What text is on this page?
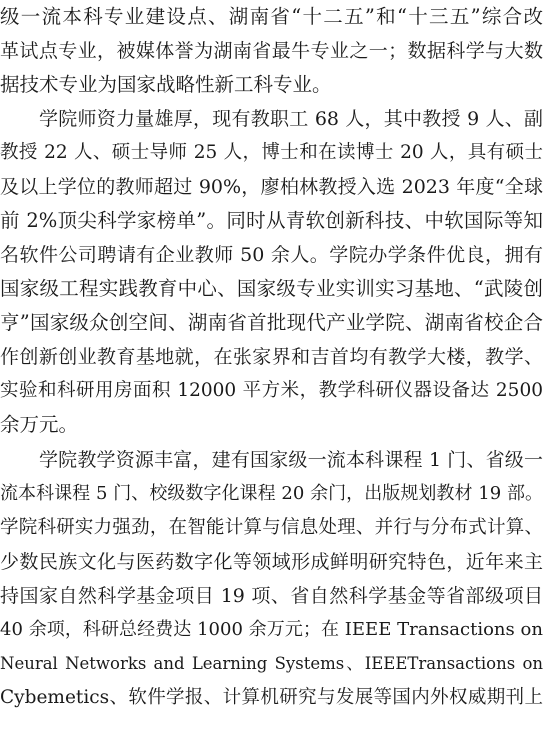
级一流本科专业建设点、湖南省“十二五”和“十三五”综合改
革试点专业，被媒体誉为湖南省最牛专业之一；数据科学与大数
据技术专业为国家战略性新工科专业。
学院师资力量雄厚，现有教职工 68 人，其中教授 9 人、副
教授 22 人、硕士导师 25 人，博士和在读博士 20 人，具有硕士
及以上学位的教师超过 90%，廖柏林教授入选 2023 年度“全球
前 2%顶尖科学家榜单”。同时从青软创新科技、中软国际等知
名软件公司聘请有企业教师 50 余人。学院办学条件优良，拥有
国家级工程实践教育中心、国家级专业实训实习基地、“武陵创
亨”国家级众创空间、湖南省首批现代产业学院、湖南省校企合
作创新创业教育基地就，在张家界和吉首均有教学大楼，教学、
实验和科研用房面积 12000 平方米，教学科研仪器设备达 2500
余万元。
学院教学资源丰富，建有国家级一流本科课程 1 门、省级一
流本科课程 5 门、校级数字化课程 20 余门，出版规划教材 19 部。
学院科研实力强劲，在智能计算与信息处理、并行与分布式计算、
少数民族文化与医药数字化等领域形成鲜明研究特色，近年来主
持国家自然科学基金项目 19 项、省自然科学基金等省部级项目
40 余项，科研总经费达 1000 余万元；在 IEEE Transactions on
Neural Networks and Learning Systems、IEEETransactions on
Cybemetics、软件学报、计算机研究与发展等国内外权威期刊上
